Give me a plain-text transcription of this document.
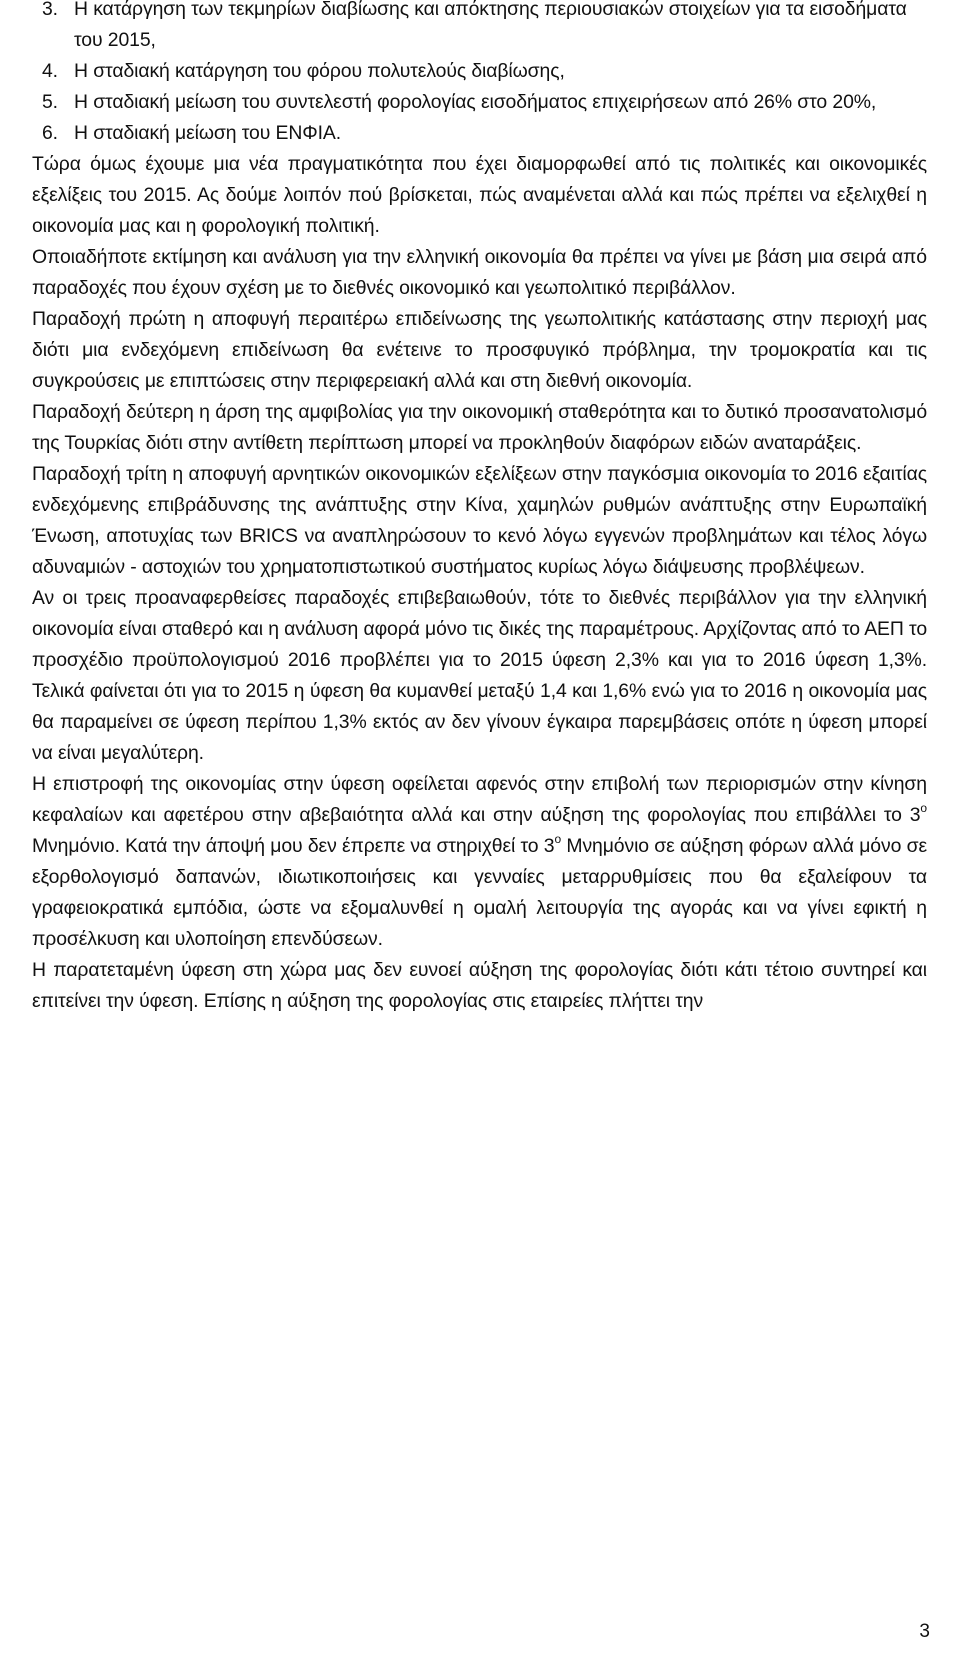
3. Η κατάργηση των τεκμηρίων διαβίωσης και απόκτησης περιουσιακών στοιχείων για τα εισοδήματα του 2015,
4. Η σταδιακή κατάργηση του φόρου πολυτελούς διαβίωσης,
5. Η σταδιακή μείωση του συντελεστή φορολογίας εισοδήματος επιχειρήσεων από 26% στο 20%,
6. Η σταδιακή μείωση του ΕΝΦΙΑ.

Τώρα όμως έχουμε μια νέα πραγματικότητα που έχει διαμορφωθεί από τις πολιτικές και οικονομικές εξελίξεις του 2015. Ας δούμε λοιπόν πού βρίσκεται, πώς αναμένεται αλλά και πώς πρέπει να εξελιχθεί η οικονομία μας και η φορολογική πολιτική.

Οποιαδήποτε εκτίμηση και ανάλυση για την ελληνική οικονομία θα πρέπει να γίνει με βάση μια σειρά από παραδοχές που έχουν σχέση με το διεθνές οικονομικό και γεωπολιτικό περιβάλλον.

Παραδοχή πρώτη η αποφυγή περαιτέρω επιδείνωσης της γεωπολιτικής κατάστασης στην περιοχή μας διότι μια ενδεχόμενη επιδείνωση θα ενέτεινε το προσφυγικό πρόβλημα, την τρομοκρατία και τις συγκρούσεις με επιπτώσεις στην περιφερειακή αλλά και στη διεθνή οικονομία.

Παραδοχή δεύτερη η άρση της αμφιβολίας για την οικονομική σταθερότητα και το δυτικό προσανατολισμό της Τουρκίας διότι στην αντίθετη περίπτωση μπορεί να προκληθούν διαφόρων ειδών αναταράξεις.

Παραδοχή τρίτη η αποφυγή αρνητικών οικονομικών εξελίξεων στην παγκόσμια οικονομία το 2016 εξαιτίας ενδεχόμενης επιβράδυνσης της ανάπτυξης στην Κίνα, χαμηλών ρυθμών ανάπτυξης στην Ευρωπαϊκή Ένωση, αποτυχίας των BRICS να αναπληρώσουν το κενό λόγω εγγενών προβλημάτων και τέλος λόγω αδυναμιών - αστοχιών του χρηματοπιστωτικού συστήματος κυρίως λόγω διάψευσης προβλέψεων.

Αν οι τρεις προαναφερθείσες παραδοχές επιβεβαιωθούν, τότε το διεθνές περιβάλλον για την ελληνική οικονομία είναι σταθερό και η ανάλυση αφορά μόνο τις δικές της παραμέτρους. Αρχίζοντας από το ΑΕΠ το προσχέδιο προϋπολογισμού 2016 προβλέπει για το 2015 ύφεση 2,3% και για το 2016 ύφεση 1,3%. Τελικά φαίνεται ότι για το 2015 η ύφεση θα κυμανθεί μεταξύ 1,4 και 1,6% ενώ για το 2016 η οικονομία μας θα παραμείνει σε ύφεση περίπου 1,3% εκτός αν δεν γίνουν έγκαιρα παρεμβάσεις οπότε η ύφεση μπορεί να είναι μεγαλύτερη.

Η επιστροφή της οικονομίας στην ύφεση οφείλεται αφενός στην επιβολή των περιορισμών στην κίνηση κεφαλαίων και αφετέρου στην αβεβαιότητα αλλά και στην αύξηση της φορολογίας που επιβάλλει το $3^o$ Μνημόνιο. Κατά την άποψή μου δεν έπρεπε να στηριχθεί το $3^o$ Μνημόνιο σε αύξηση φόρων αλλά μόνο σε εξορθολογισμό δαπανών, ιδιωτικοποιήσεις και γενναίες μεταρρυθμίσεις που θα εξαλείφουν τα γραφειοκρατικά εμπόδια, ώστε να εξομαλυνθεί η ομαλή λειτουργία της αγοράς και να γίνει εφικτή η προσέλκυση και υλοποίηση επενδύσεων.

Η παρατεταμένη ύφεση στη χώρα μας δεν ευνοεί αύξηση της φορολογίας διότι κάτι τέτοιο συντηρεί και επιτείνει την ύφεση. Επίσης η αύξηση της φορολογίας στις εταιρείες πλήττει την

3
